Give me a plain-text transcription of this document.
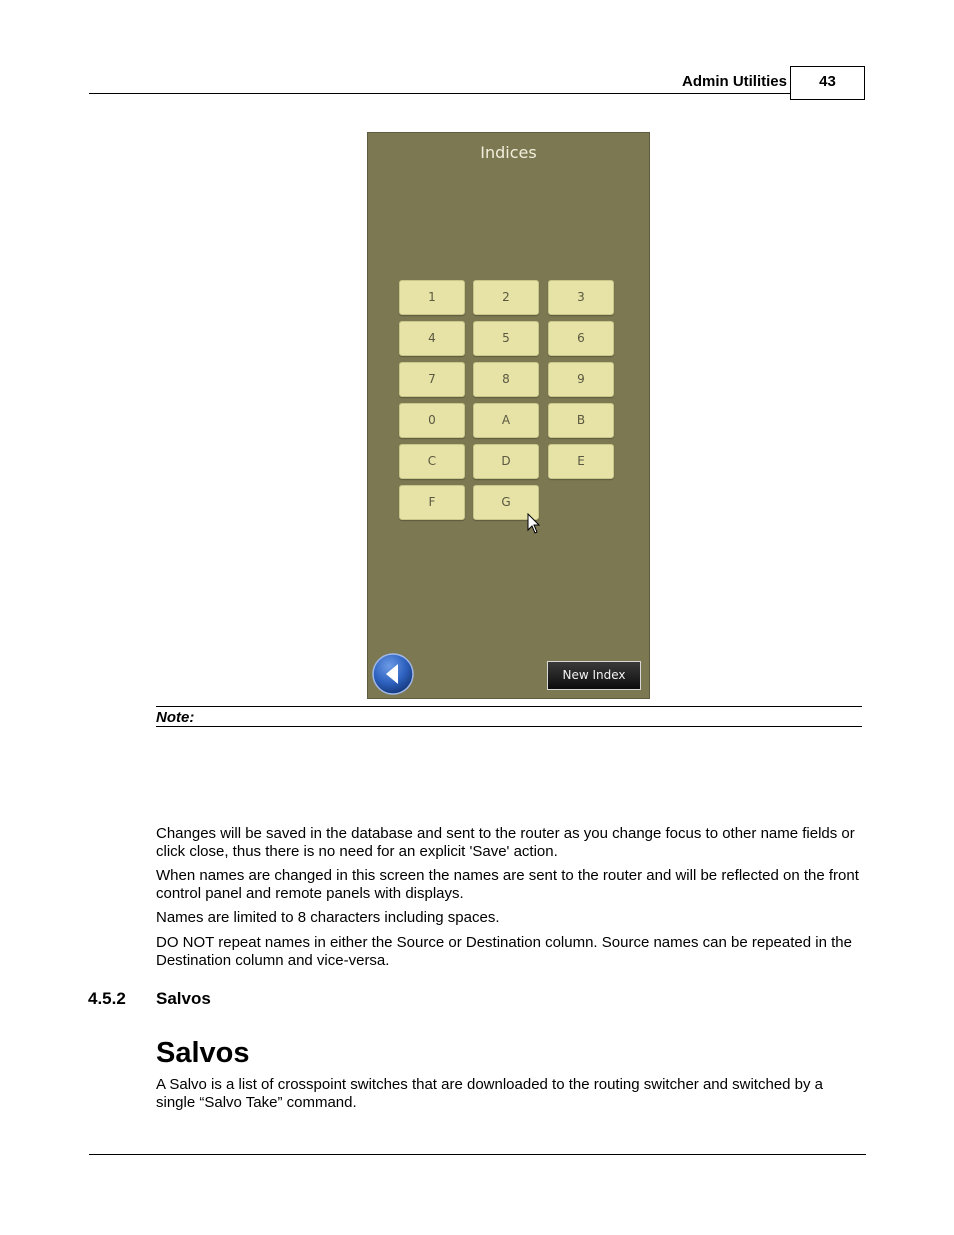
Admin Utilities	43
Indices
1	2	3
4	5	6
7	8	9
0	A	B
C	D	E
F	G
New Index
Note:
Changes will be saved in the database and sent to the router as you change focus to other name fields or click close, thus there is no need for an explicit 'Save' action.
When names are changed in this screen the names are sent to the router and will be reflected on the front control panel and remote panels with displays.
Names are limited to 8 characters including spaces.
DO NOT repeat names in either the Source or Destination column. Source names can be repeated in the Destination column and vice-versa.
4.5.2 Salvos
Salvos
A Salvo is a list of crosspoint switches that are downloaded to the routing switcher and switched by a single “Salvo Take” command.
